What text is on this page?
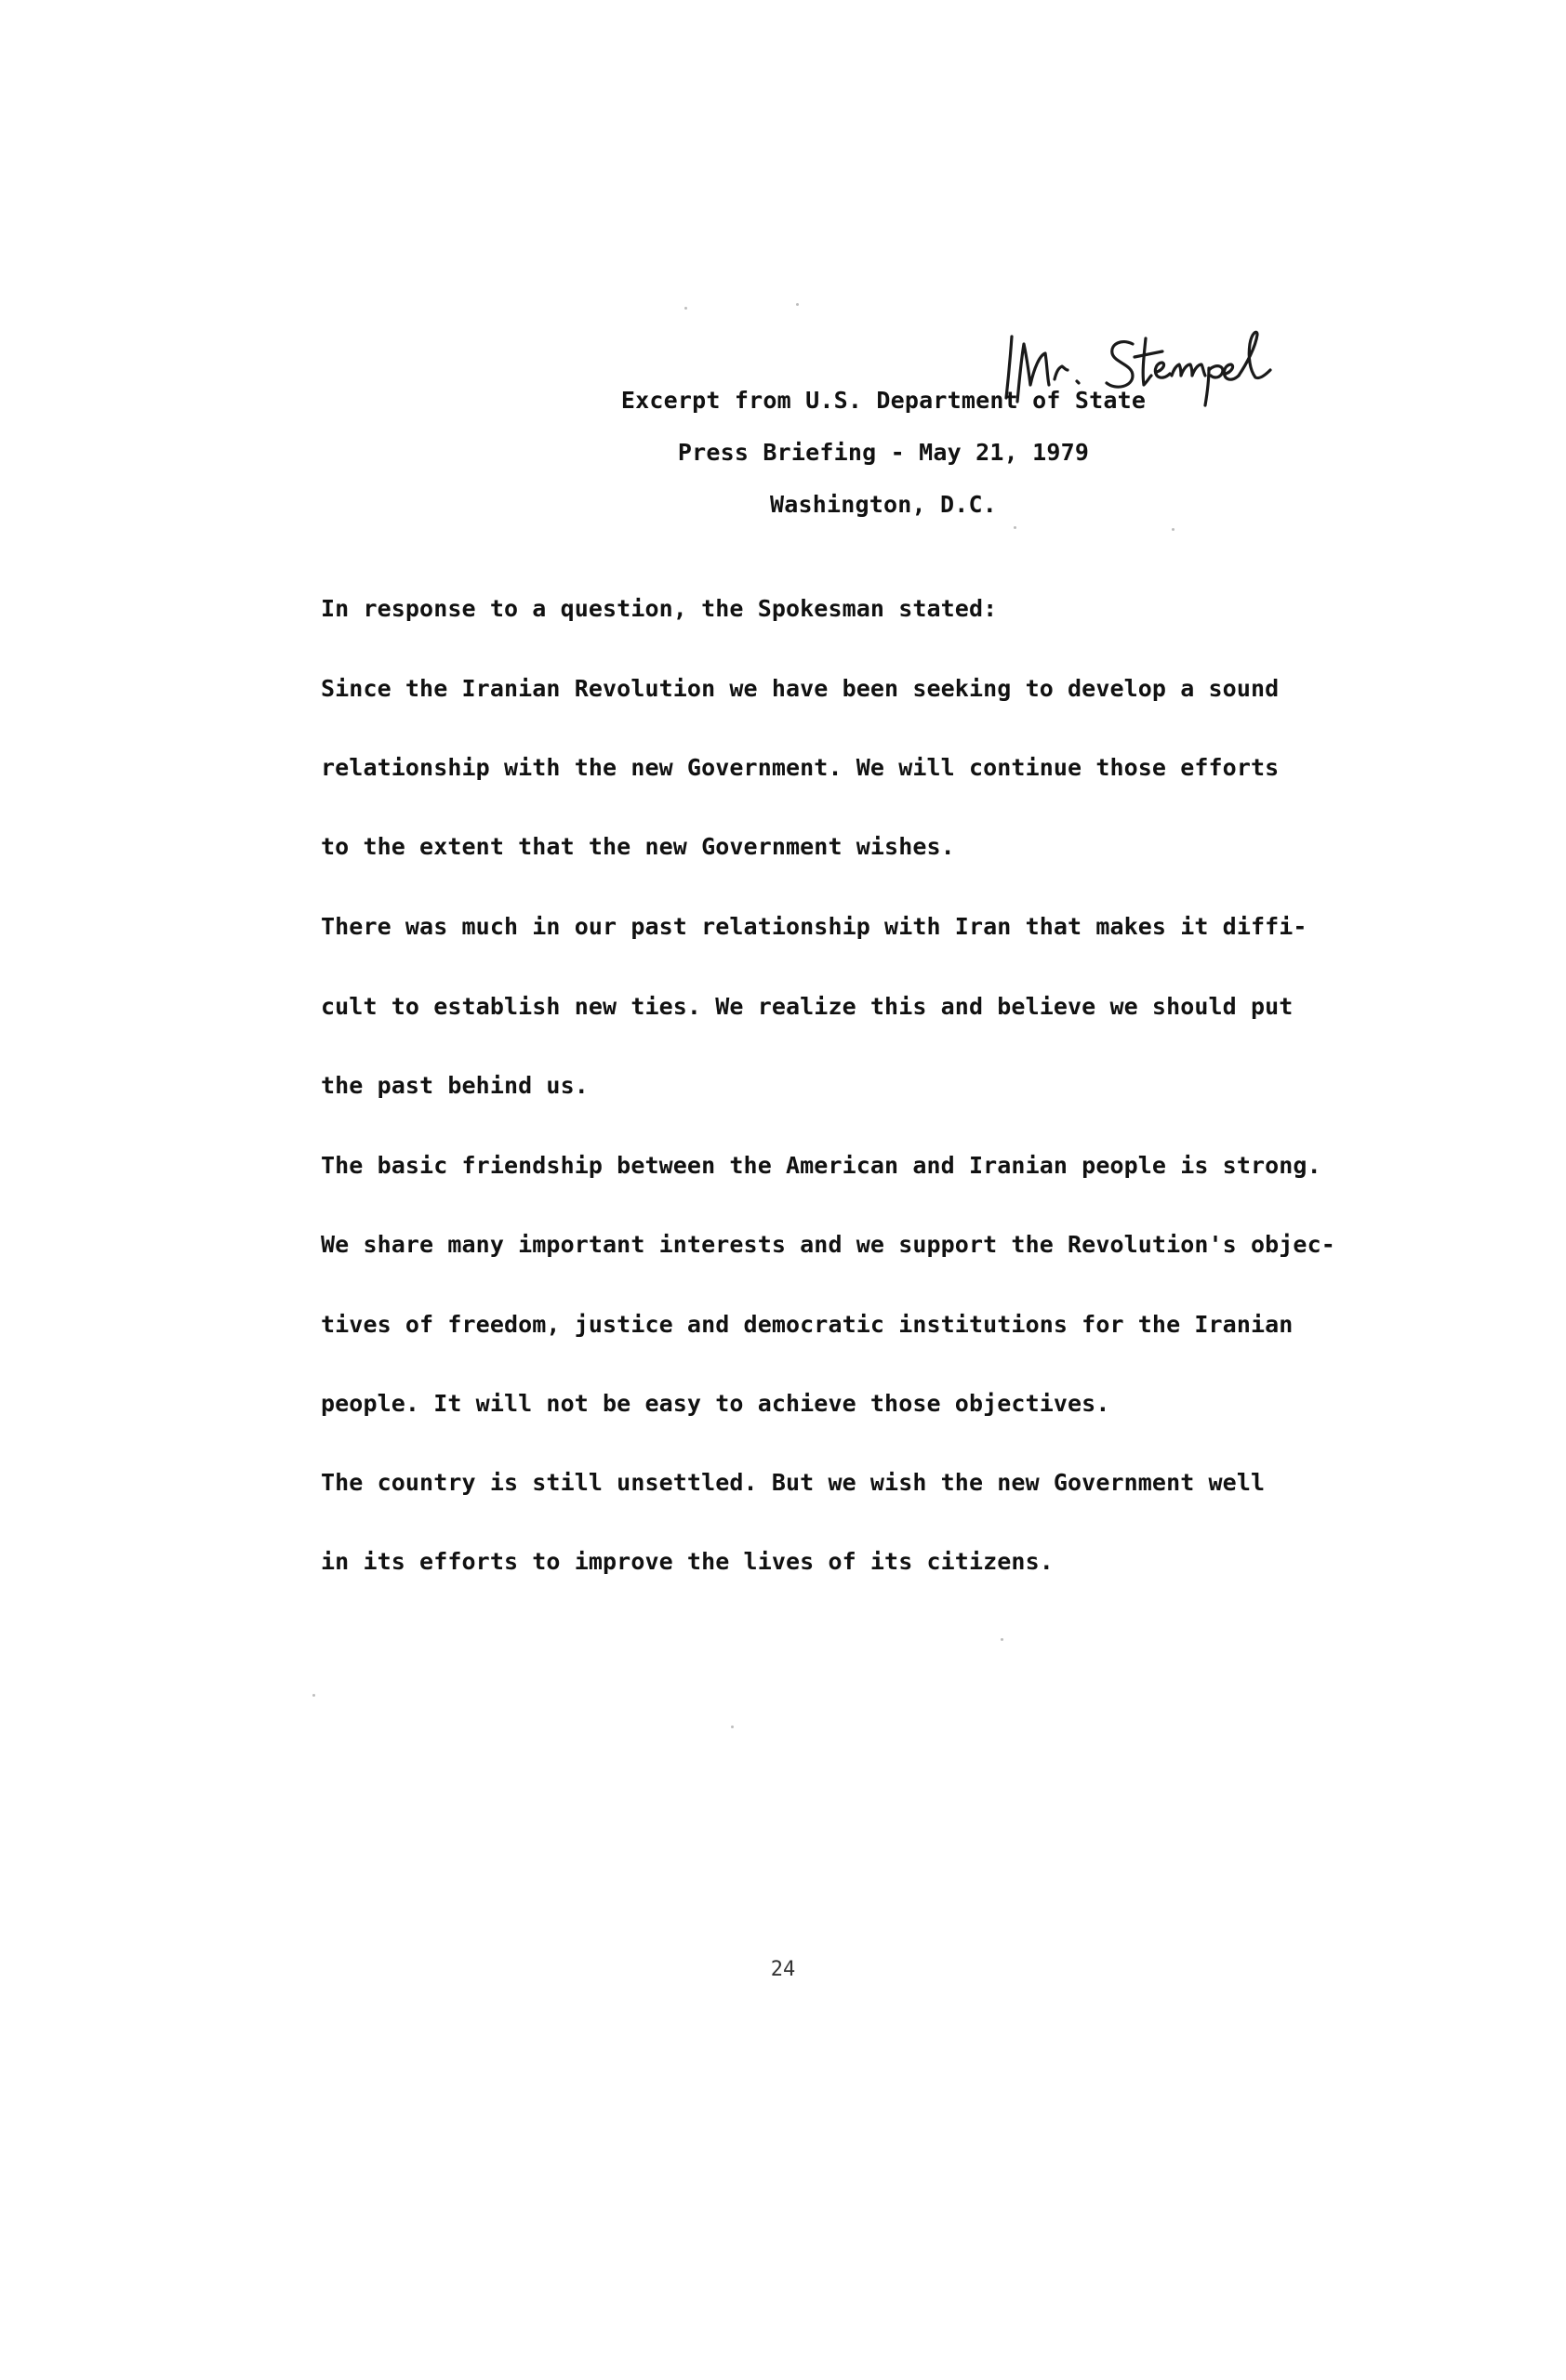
Excerpt from U.S. Department of State
Press Briefing - May 21, 1979
Washington, D.C.
In response to a question, the Spokesman stated:
Since the Iranian Revolution we have been seeking to develop a sound
relationship with the new Government. We will continue those efforts
to the extent that the new Government wishes.
There was much in our past relationship with Iran that makes it diffi-
cult to establish new ties. We realize this and believe we should put
the past behind us.
The basic friendship between the American and Iranian people is strong.
We share many important interests and we support the Revolution's objec-
tives of freedom, justice and democratic institutions for the Iranian
people. It will not be easy to achieve those objectives.
The country is still unsettled. But we wish the new Government well
in its efforts to improve the lives of its citizens.
24
